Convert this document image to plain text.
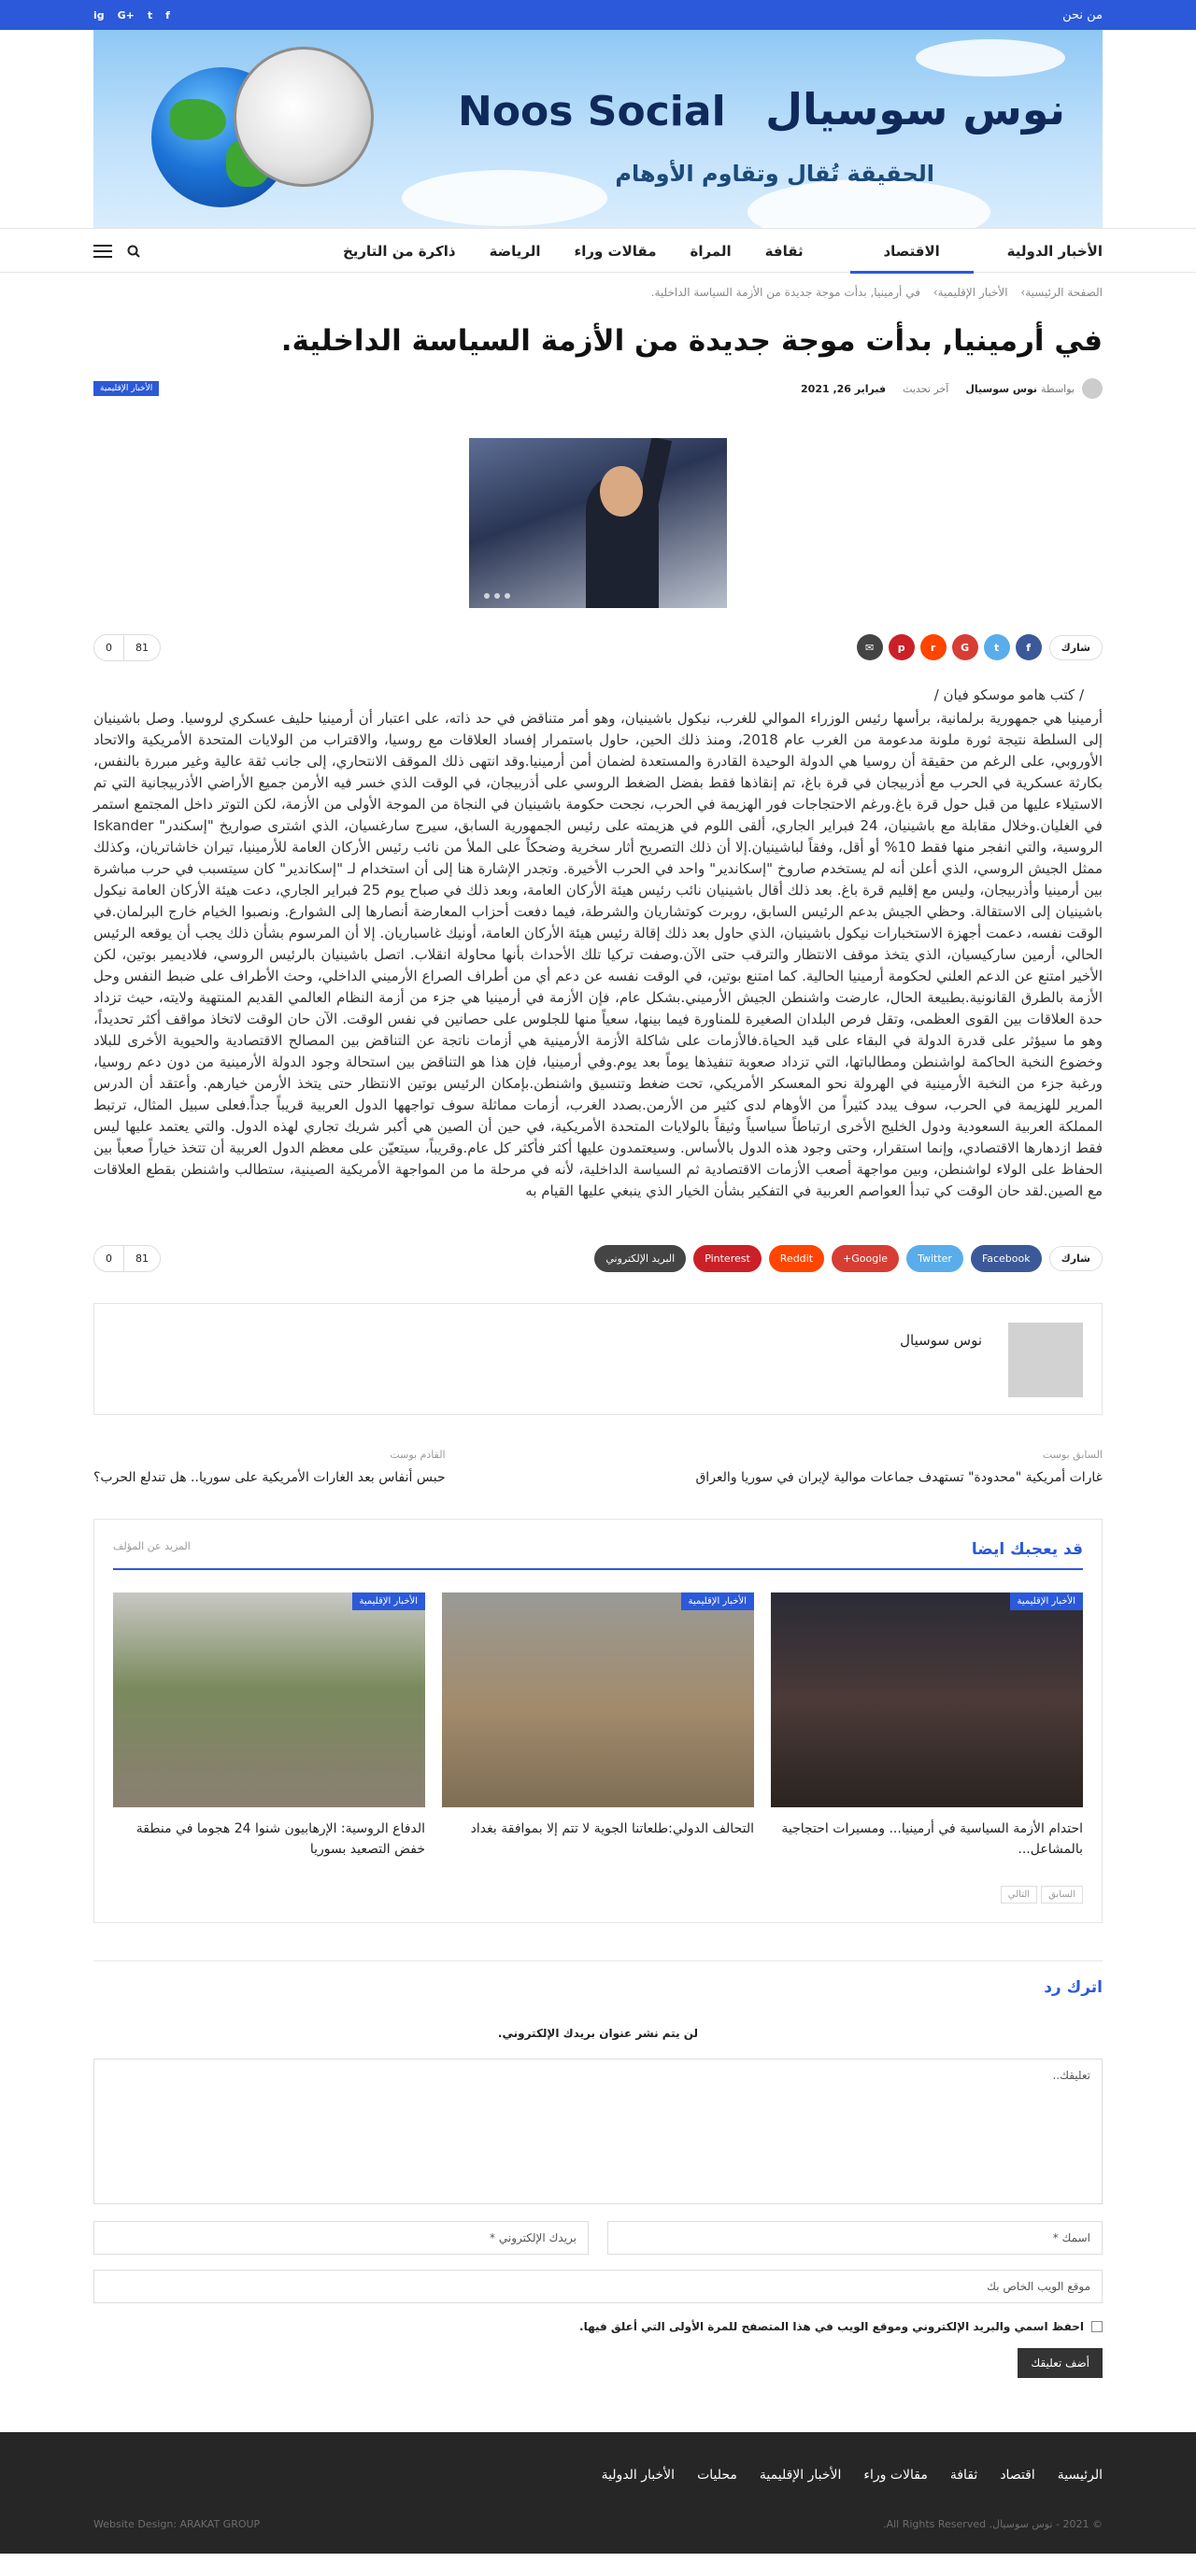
من نحن
ig G+ t f
Noos Social نوس سوسيال
الحقيقة تُقال وتقاوم الأوهام
الأخبار الدولية
الاقتصاد
ثقافة
المراة
مقالات وراء
الرياضة
ذاكرة من التاريخ
الصفحة الرئيسية› الأخبار الإقليمية› في أرمينيا, بدأت موجة جديدة من الأزمة السياسة الداخلية.
في أرمينيا, بدأت موجة جديدة من الأزمة السياسة الداخلية.
بواسطة
نوس سوسيال
آخر تحديث
فبراير 26, 2021
الأخبار الإقليمية
شارك
f
t
G
r
p
✉
0	81
/ كتب هامو موسكو فيان /
أرمينيا هي جمهورية برلمانية، برأسها رئيس الوزراء الموالي للغرب، نيكول باشينيان، وهو أمر متناقض في حد ذاته، على اعتبار أن أرمينيا حليف عسكري لروسيا. وصل باشينيان إلى السلطة نتيجة ثورة ملونة مدعومة من الغرب عام 2018، ومنذ ذلك الحين، حاول باستمرار إفساد العلاقات مع روسيا، والاقتراب من الولايات المتحدة الأمريكية والاتحاد الأوروبي، على الرغم من حقيقة أن روسيا هي الدولة الوحيدة القادرة والمستعدة لضمان أمن أرمينيا.وقد انتهى ذلك الموقف الانتحاري، إلى جانب ثقة عالية وغير مبررة بالنفس، بكارثة عسكرية في الحرب مع أذربيجان في قرة باغ، تم إنقاذها فقط بفضل الضغط الروسي على أذربيجان، في الوقت الذي خسر فيه الأرمن جميع الأراضي الأذربيجانية التي تم الاستيلاء عليها من قبل حول قرة باغ.ورغم الاحتجاجات فور الهزيمة في الحرب، نجحت حكومة باشينيان في النجاة من الموجة الأولى من الأزمة، لكن التوتر داخل المجتمع استمر في الغليان.وخلال مقابلة مع باشينيان، 24 فبراير الجاري، ألقى اللوم في هزيمته على رئيس الجمهورية السابق، سيرج سارغسيان، الذي اشترى صواريخ "إسكندر" Iskander الروسية، والتي انفجر منها فقط 10% أو أقل، وفقاً لباشينيان.إلا أن ذلك التصريح أثار سخرية وضحكاً على الملأ من نائب رئيس الأركان العامة للأرمينيا، تيران خاشاتريان، وكذلك ممثل الجيش الروسي، الذي أعلن أنه لم يستخدم صاروخ "إسكاندير" واحد في الحرب الأخيرة. وتجدر الإشارة هنا إلى أن استخدام لـ "إسكاندير" كان سيتسبب في حرب مباشرة بين أرمينيا وأذربيجان، وليس مع إقليم قرة باغ. بعد ذلك أقال باشينيان نائب رئيس هيئة الأركان العامة، وبعد ذلك في صباح يوم 25 فبراير الجاري، دعت هيئة الأركان العامة نيكول باشينيان إلى الاستقالة. وحظي الجيش بدعم الرئيس السابق، روبرت كوتشاريان والشرطة، فيما دفعت أحزاب المعارضة أنصارها إلى الشوارع. ونصبوا الخيام خارج البرلمان.في الوقت نفسه، دعمت أجهزة الاستخبارات نيكول باشينيان، الذي حاول بعد ذلك إقالة رئيس هيئة الأركان العامة، أونيك غاسباريان. إلا أن المرسوم بشأن ذلك يجب أن يوقعه الرئيس الحالي، أرمين ساركيسيان، الذي يتخذ موقف الانتظار والترقب حتى الآن.وصفت تركيا تلك الأحداث بأنها محاولة انقلاب. اتصل باشينيان بالرئيس الروسي، فلاديمير بوتين، لكن الأخير امتنع عن الدعم العلني لحكومة أرمينيا الحالية. كما امتنع بوتين، في الوقت نفسه عن دعم أي من أطراف الصراع الأرميني الداخلي، وحث الأطراف على ضبط النفس وحل الأزمة بالطرق القانونية.بطبيعة الحال، عارضت واشنطن الجيش الأرميني.بشكل عام، فإن الأزمة في أرمينيا هي جزء من أزمة النظام العالمي القديم المنتهية ولايته، حيث تزداد حدة العلاقات بين القوى العظمى، وتقل فرص البلدان الصغيرة للمناورة فيما بينها، سعياً منها للجلوس على حصانين في نفس الوقت. الآن حان الوقت لاتخاذ مواقف أكثر تحديداً، وهو ما سيؤثر على قدرة الدولة في البقاء على قيد الحياة.فالأزمات على شاكلة الأزمة الأرمينية هي أزمات ناتجة عن التناقض بين المصالح الاقتصادية والحيوية الأخرى للبلاد وخضوع النخبة الحاكمة لواشنطن ومطالباتها، التي تزداد صعوبة تنفيذها يوماً بعد يوم.وفي أرمينيا، فإن هذا هو التناقض بين استحالة وجود الدولة الأرمينية من دون دعم روسيا، ورغبة جزء من النخبة الأرمينية في الهرولة نحو المعسكر الأمريكي، تحت ضغط وتنسيق واشنطن.بإمكان الرئيس بوتين الانتظار حتى يتخذ الأرمن خيارهم. وأعتقد أن الدرس المرير للهزيمة في الحرب، سوف يبدد كثيراً من الأوهام لدى كثير من الأرمن.بصدد الغرب، أزمات مماثلة سوف تواجهها الدول العربية قريباً جداً.فعلى سبيل المثال، ترتبط المملكة العربية السعودية ودول الخليج الأخرى ارتباطاً سياسياً وثيقاً بالولايات المتحدة الأمريكية، في حين أن الصين هي أكبر شريك تجاري لهذه الدول. والتي يعتمد عليها ليس فقط ازدهارها الاقتصادي، وإنما استقرار، وحتى وجود هذه الدول بالأساس. وسيعتمدون عليها أكثر فأكثر كل عام.وقريباً، سيتعيّن على معظم الدول العربية أن تتخذ خياراً صعباً بين الحفاظ على الولاء لواشنطن، وبين مواجهة أصعب الأزمات الاقتصادية ثم السياسة الداخلية، لأنه في مرحلة ما من المواجهة الأمريكية الصينية، ستطالب واشنطن بقطع العلاقات مع الصين.لقد حان الوقت كي تبدأ العواصم العربية في التفكير بشأن الخيار الذي ينبغي عليها القيام به
شارك
Facebook
Twitter
Google+
Reddit
Pinterest
البريد الإلكتروني
0	81
نوس سوسيال
السابق بوست
غارات أمريكية "محدودة" تستهدف جماعات موالية لإيران في سوريا والعراق
القادم بوست
حبس أنفاس بعد الغارات الأمريكية على سوريا.. هل تندلع الحرب؟
قد يعجبك ايضا
المزيد عن المؤلف
الأخبار الإقليمية
احتدام الأزمة السياسية في أرمينيا... ومسيرات احتجاجية بالمشاعل...
الأخبار الإقليمية
التحالف الدولي:طلعاتنا الجوية لا تتم إلا بموافقة بغداد
الأخبار الإقليمية
الدفاع الروسية: الإرهابيون شنوا 24 هجوما في منطقة خفض التصعيد بسوريا
السابق
التالي
اترك رد
لن يتم نشر عنوان بريدك الإلكتروني.
تعليقك..
اسمك *
بريدك الإلكتروني *
موقع الويب الخاص بك
احفظ اسمي والبريد الإلكتروني وموقع الويب في هذا المتصفح للمرة الأولى التي أعلق فيها.
أضف تعليقك
الرئيسية
اقتصاد
ثقافة
مقالات وراء
الأخبار الإقليمية
محليات
الأخبار الدولية
© 2021 - نوس سوسيال. All Rights Reserved.
Website Design: ARAKAT GROUP
